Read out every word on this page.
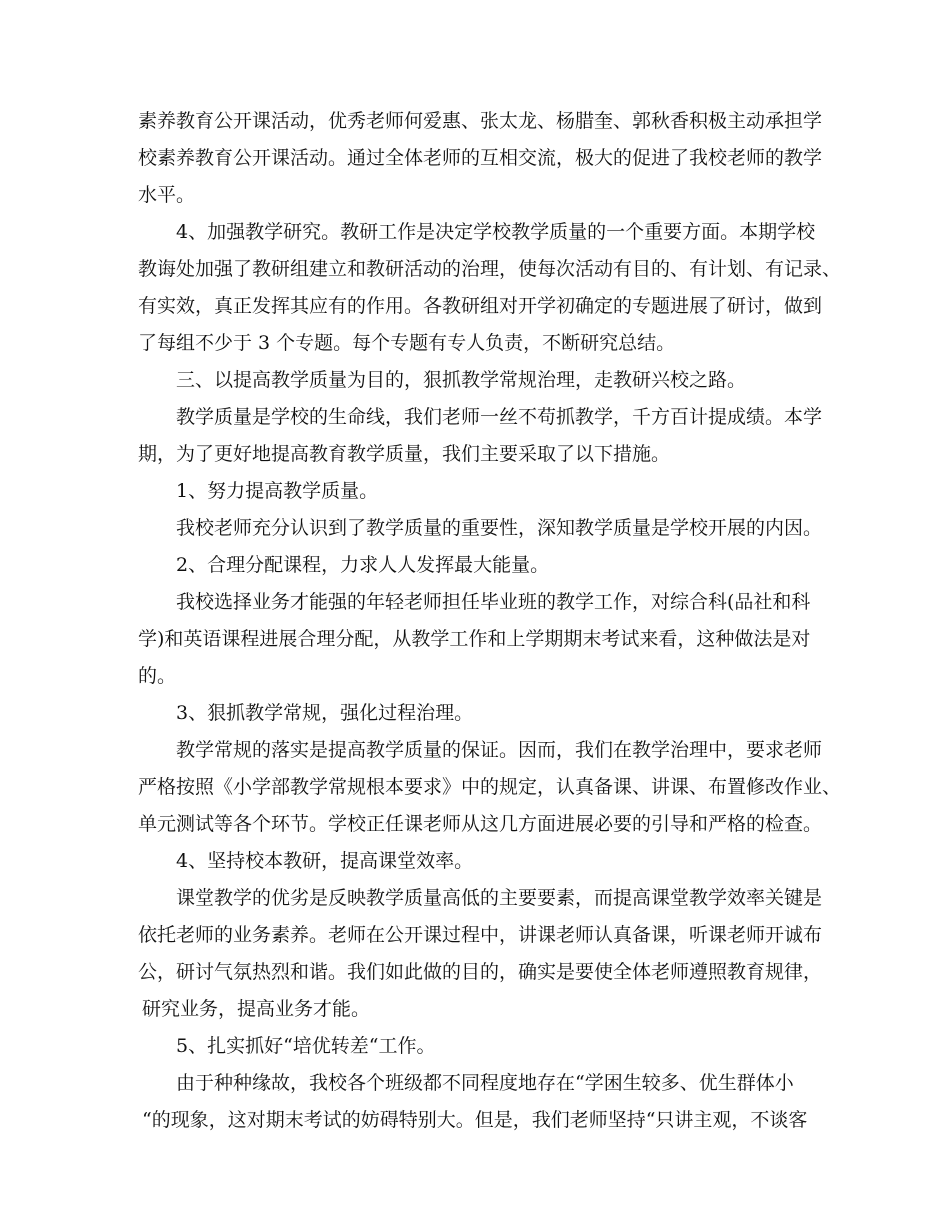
素养教育公开课活动，优秀老师何爱惠、张太龙、杨腊奎、郭秋香积极主动承担学
校素养教育公开课活动。通过全体老师的互相交流，极大的促进了我校老师的教学
水平。
4、加强教学研究。教研工作是决定学校教学质量的一个重要方面。本期学校
教诲处加强了教研组建立和教研活动的治理，使每次活动有目的、有计划、有记录、
有实效，真正发挥其应有的作用。各教研组对开学初确定的专题进展了研讨，做到
了每组不少于 3 个专题。每个专题有专人负责，不断研究总结。
三、以提高教学质量为目的，狠抓教学常规治理，走教研兴校之路。
教学质量是学校的生命线，我们老师一丝不苟抓教学，千方百计提成绩。本学
期，为了更好地提高教育教学质量，我们主要采取了以下措施。
1、努力提高教学质量。
我校老师充分认识到了教学质量的重要性，深知教学质量是学校开展的内因。
2、合理分配课程，力求人人发挥最大能量。
我校选择业务才能强的年轻老师担任毕业班的教学工作，对综合科(品社和科
学)和英语课程进展合理分配，从教学工作和上学期期末考试来看，这种做法是对
的。
3、狠抓教学常规，强化过程治理。
教学常规的落实是提高教学质量的保证。因而，我们在教学治理中，要求老师
严格按照《小学部教学常规根本要求》中的规定，认真备课、讲课、布置修改作业、
单元测试等各个环节。学校正任课老师从这几方面进展必要的引导和严格的检查。
4、坚持校本教研，提高课堂效率。
课堂教学的优劣是反映教学质量高低的主要要素，而提高课堂教学效率关键是
依托老师的业务素养。老师在公开课过程中，讲课老师认真备课，听课老师开诚布
公，研讨气氛热烈和谐。我们如此做的目的，确实是要使全体老师遵照教育规律，
研究业务，提高业务才能。
5、扎实抓好“培优转差“工作。
由于种种缘故，我校各个班级都不同程度地存在“学困生较多、优生群体小
“的现象，这对期末考试的妨碍特别大。但是，我们老师坚持“只讲主观，不谈客
